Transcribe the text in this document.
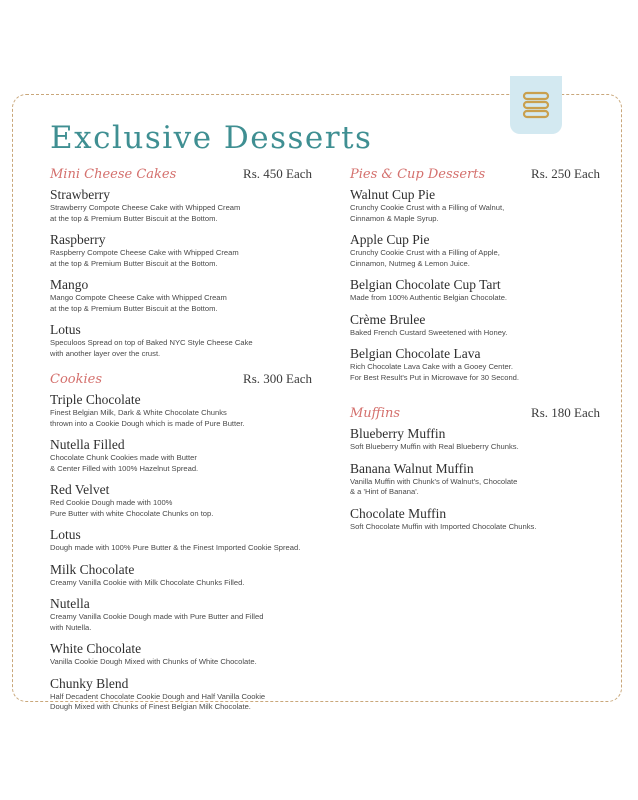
Exclusive Desserts
Mini Cheese Cakes	Rs. 450 Each
Strawberry
Strawberry Compote Cheese Cake with Whipped Cream
at the top & Premium Butter Biscuit at the Bottom.
Raspberry
Raspberry Compote Cheese Cake with Whipped Cream
at the top & Premium Butter Biscuit at the Bottom.
Mango
Mango Compote Cheese Cake with Whipped Cream
at the top & Premium Butter Biscuit at the Bottom.
Lotus
Speculoos Spread on top of Baked NYC Style Cheese Cake
with another layer over the crust.
Cookies	Rs. 300 Each
Triple Chocolate
Finest Belgian Milk, Dark & White Chocolate Chunks
thrown into a Cookie Dough which is made of Pure Butter.
Nutella Filled
Chocolate Chunk Cookies made with Butter
& Center Filled with 100% Hazelnut Spread.
Red Velvet
Red Cookie Dough made with 100%
Pure Butter with white Chocolate Chunks on top.
Lotus
Dough made with 100% Pure Butter & the Finest Imported Cookie Spread.
Milk Chocolate
Creamy Vanilla Cookie with Milk Chocolate Chunks Filled.
Nutella
Creamy Vanilla Cookie Dough made with Pure Butter and Filled
with Nutella.
White Chocolate
Vanilla Cookie Dough Mixed with Chunks of White Chocolate.
Chunky Blend
Half Decadent Chocolate Cookie Dough and Half Vanilla Cookie
Dough Mixed with Chunks of Finest Belgian Milk Chocolate.
Pies & Cup Desserts	Rs. 250 Each
Walnut Cup Pie
Crunchy Cookie Crust with a Filling of Walnut,
Cinnamon & Maple Syrup.
Apple Cup Pie
Crunchy Cookie Crust with a Filling of Apple,
Cinnamon, Nutmeg & Lemon Juice.
Belgian Chocolate Cup Tart
Made from 100% Authentic Belgian Chocolate.
Crème Brulee
Baked French Custard Sweetened with Honey.
Belgian Chocolate Lava
Rich Chocolate Lava Cake with a Gooey Center.
For Best Result's Put in Microwave for 30 Second.
Muffins	Rs. 180 Each
Blueberry Muffin
Soft Blueberry Muffin with Real Blueberry Chunks.
Banana Walnut Muffin
Vanilla Muffin with Chunk's of Walnut's, Chocolate
& a 'Hint of Banana'.
Chocolate Muffin
Soft Chocolate Muffin with Imported Chocolate Chunks.
